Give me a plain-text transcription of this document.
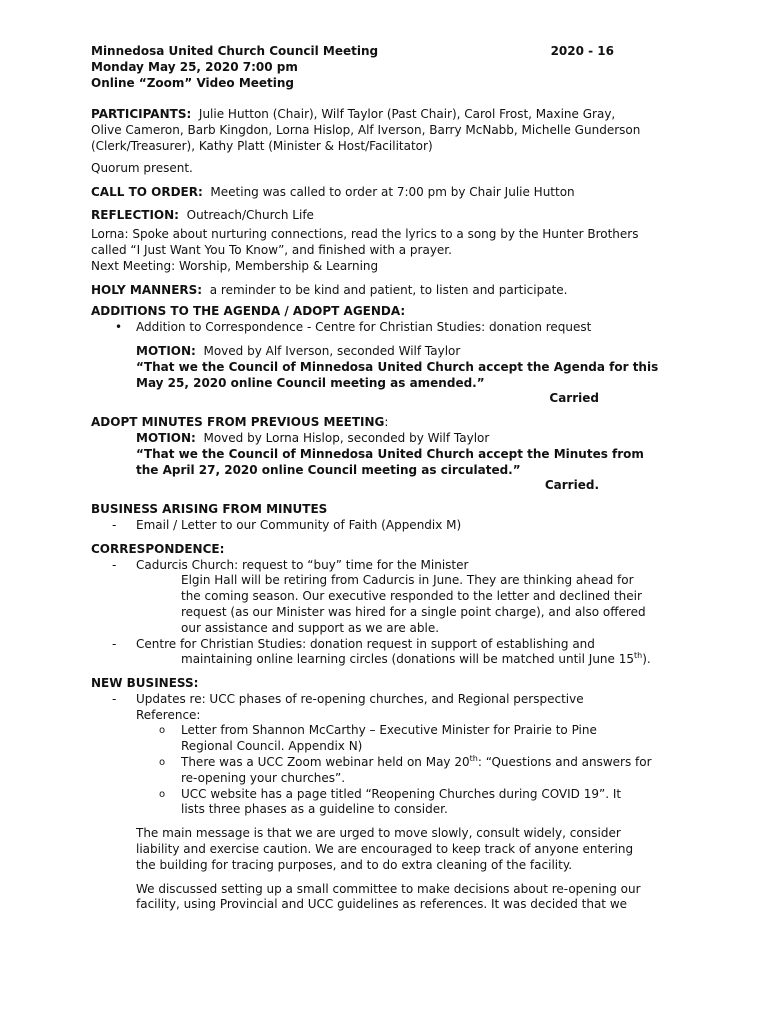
Minnedosa United Church Council Meeting	2020 - 16
Monday May 25, 2020 7:00 pm
Online “Zoom” Video Meeting
PARTICIPANTS: Julie Hutton (Chair), Wilf Taylor (Past Chair), Carol Frost, Maxine Gray,
Olive Cameron, Barb Kingdon, Lorna Hislop, Alf Iverson, Barry McNabb, Michelle Gunderson
(Clerk/Treasurer), Kathy Platt (Minister & Host/Facilitator)
Quorum present.
CALL TO ORDER: Meeting was called to order at 7:00 pm by Chair Julie Hutton
REFLECTION: Outreach/Church Life
Lorna: Spoke about nurturing connections, read the lyrics to a song by the Hunter Brothers
called “I Just Want You To Know”, and finished with a prayer.
Next Meeting: Worship, Membership & Learning
HOLY MANNERS: a reminder to be kind and patient, to listen and participate.
ADDITIONS TO THE AGENDA / ADOPT AGENDA:
•	Addition to Correspondence - Centre for Christian Studies: donation request
MOTION: Moved by Alf Iverson, seconded Wilf Taylor
“That we the Council of Minnedosa United Church accept the Agenda for this
May 25, 2020 online Council meeting as amended.”
Carried
ADOPT MINUTES FROM PREVIOUS MEETING:
MOTION: Moved by Lorna Hislop, seconded by Wilf Taylor
“That we the Council of Minnedosa United Church accept the Minutes from
the April 27, 2020 online Council meeting as circulated.”
Carried.
BUSINESS ARISING FROM MINUTES
-	Email / Letter to our Community of Faith (Appendix M)
CORRESPONDENCE:
-	Cadurcis Church: request to “buy” time for the Minister
Elgin Hall will be retiring from Cadurcis in June. They are thinking ahead for
the coming season. Our executive responded to the letter and declined their
request (as our Minister was hired for a single point charge), and also offered
our assistance and support as we are able.
-	Centre for Christian Studies: donation request in support of establishing and
maintaining online learning circles (donations will be matched until June 15th).
NEW BUSINESS:
-	Updates re: UCC phases of re-opening churches, and Regional perspective
Reference:
o	Letter from Shannon McCarthy – Executive Minister for Prairie to Pine
Regional Council. Appendix N)
o	There was a UCC Zoom webinar held on May 20th: “Questions and answers for
re-opening your churches”.
o	UCC website has a page titled “Reopening Churches during COVID 19”. It
lists three phases as a guideline to consider.
The main message is that we are urged to move slowly, consult widely, consider
liability and exercise caution. We are encouraged to keep track of anyone entering
the building for tracing purposes, and to do extra cleaning of the facility.
We discussed setting up a small committee to make decisions about re-opening our
facility, using Provincial and UCC guidelines as references. It was decided that we
